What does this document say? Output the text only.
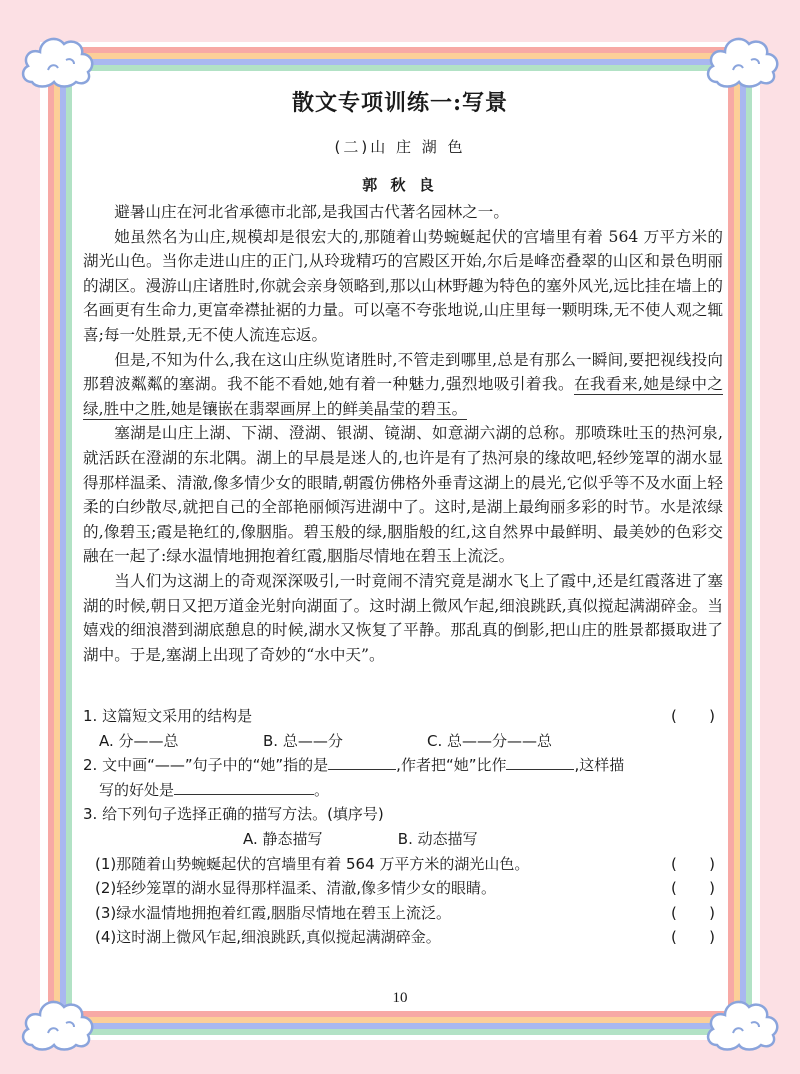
散文专项训练一:写景
(二)山 庄 湖 色
郭 秋 良

避暑山庄在河北省承德市北部,是我国古代著名园林之一。

她虽然名为山庄,规模却是很宏大的,那随着山势蜿蜒起伏的宫墙里有着 564 万平方米的湖光山色。当你走进山庄的正门,从玲珑精巧的宫殿区开始,尔后是峰峦叠翠的山区和景色明丽的湖区。漫游山庄诸胜时,你就会亲身领略到,那以山林野趣为特色的塞外风光,远比挂在墙上的名画更有生命力,更富牵襟扯裾的力量。可以毫不夸张地说,山庄里每一颗明珠,无不使人观之辄喜;每一处胜景,无不使人流连忘返。

但是,不知为什么,我在这山庄纵览诸胜时,不管走到哪里,总是有那么一瞬间,要把视线投向那碧波粼粼的塞湖。我不能不看她,她有着一种魅力,强烈地吸引着我。在我看来,她是绿中之绿,胜中之胜,她是镶嵌在翡翠画屏上的鲜美晶莹的碧玉。

塞湖是山庄上湖、下湖、澄湖、银湖、镜湖、如意湖六湖的总称。那喷珠吐玉的热河泉,就活跃在澄湖的东北隅。湖上的早晨是迷人的,也许是有了热河泉的缘故吧,轻纱笼罩的湖水显得那样温柔、清澈,像多情少女的眼睛,朝霞仿佛格外垂青这湖上的晨光,它似乎等不及水面上轻柔的白纱散尽,就把自己的全部艳丽倾泻进湖中了。这时,是湖上最绚丽多彩的时节。水是浓绿的,像碧玉;霞是艳红的,像胭脂。碧玉般的绿,胭脂般的红,这自然界中最鲜明、最美妙的色彩交融在一起了:绿水温情地拥抱着红霞,胭脂尽情地在碧玉上流泛。

当人们为这湖上的奇观深深吸引,一时竟闹不清究竟是湖水飞上了霞中,还是红霞落进了塞湖的时候,朝日又把万道金光射向湖面了。这时湖上微风乍起,细浪跳跃,真似搅起满湖碎金。当嬉戏的细浪潜到湖底憩息的时候,湖水又恢复了平静。那乱真的倒影,把山庄的胜景都摄取进了湖中。于是,塞湖上出现了奇妙的“水中天”。

1. 这篇短文采用的结构是	( )
A. 分——总	B. 总——分	C. 总——分——总
2. 文中画“——”句子中的“她”指的是	,作者把“她”比作	,这样描
写的好处是	。
3. 给下列句子选择正确的描写方法。(填序号)
A. 静态描写	B. 动态描写
(1)那随着山势蜿蜒起伏的宫墙里有着 564 万平方米的湖光山色。	( )
(2)轻纱笼罩的湖水显得那样温柔、清澈,像多情少女的眼睛。	( )
(3)绿水温情地拥抱着红霞,胭脂尽情地在碧玉上流泛。	( )
(4)这时湖上微风乍起,细浪跳跃,真似搅起满湖碎金。	( )
10
